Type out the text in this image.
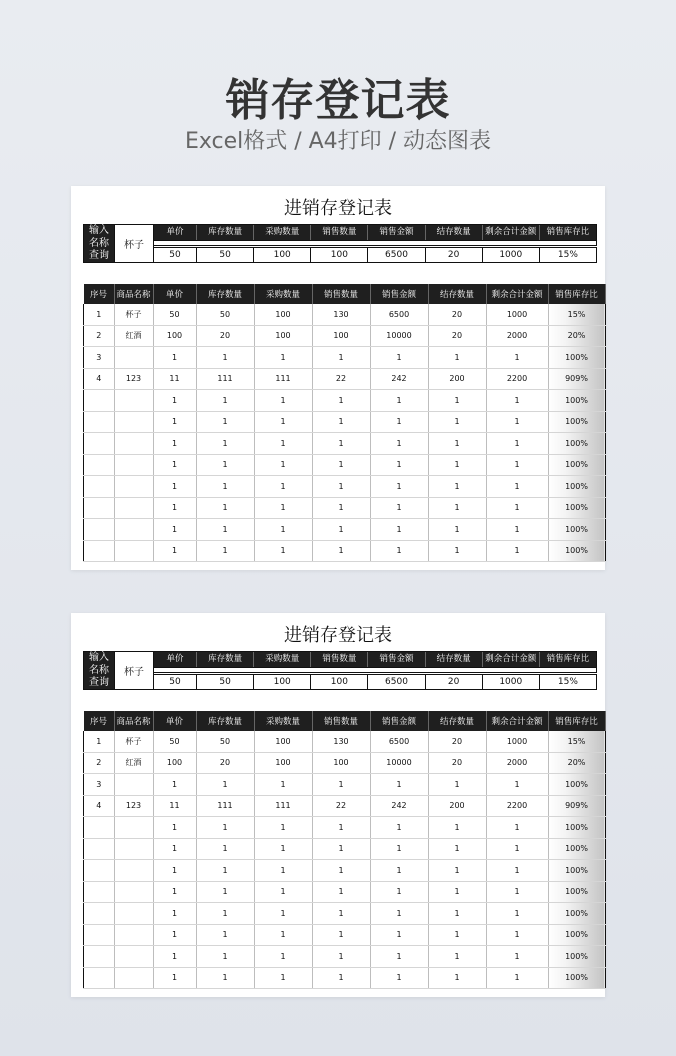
销存登记表
Excel格式 / A4打印 / 动态图表
进销存登记表
输入
名称
查询
杯子
单价	库存数量	采购数量	销售数量	销售金额	结存数量	剩余合计金额	销售库存比
50	50	100	100	6500	20	1000	15%
序号	商品名称	单价	库存数量	采购数量	销售数量	销售金额	结存数量	剩余合计金额	销售库存比
1	杯子	50	50	100	130	6500	20	1000	15%
2	红酒	100	20	100	100	10000	20	2000	20%
3		1	1	1	1	1	1	1	100%
4	123	11	111	111	22	242	200	2200	909%
		1	1	1	1	1	1	1	100%
		1	1	1	1	1	1	1	100%
		1	1	1	1	1	1	1	100%
		1	1	1	1	1	1	1	100%
		1	1	1	1	1	1	1	100%
		1	1	1	1	1	1	1	100%
		1	1	1	1	1	1	1	100%
		1	1	1	1	1	1	1	100%
进销存登记表
输入
名称
查询
杯子
单价	库存数量	采购数量	销售数量	销售金额	结存数量	剩余合计金额	销售库存比
50	50	100	100	6500	20	1000	15%
序号	商品名称	单价	库存数量	采购数量	销售数量	销售金额	结存数量	剩余合计金额	销售库存比
1	杯子	50	50	100	130	6500	20	1000	15%
2	红酒	100	20	100	100	10000	20	2000	20%
3		1	1	1	1	1	1	1	100%
4	123	11	111	111	22	242	200	2200	909%
		1	1	1	1	1	1	1	100%
		1	1	1	1	1	1	1	100%
		1	1	1	1	1	1	1	100%
		1	1	1	1	1	1	1	100%
		1	1	1	1	1	1	1	100%
		1	1	1	1	1	1	1	100%
		1	1	1	1	1	1	1	100%
		1	1	1	1	1	1	1	100%
